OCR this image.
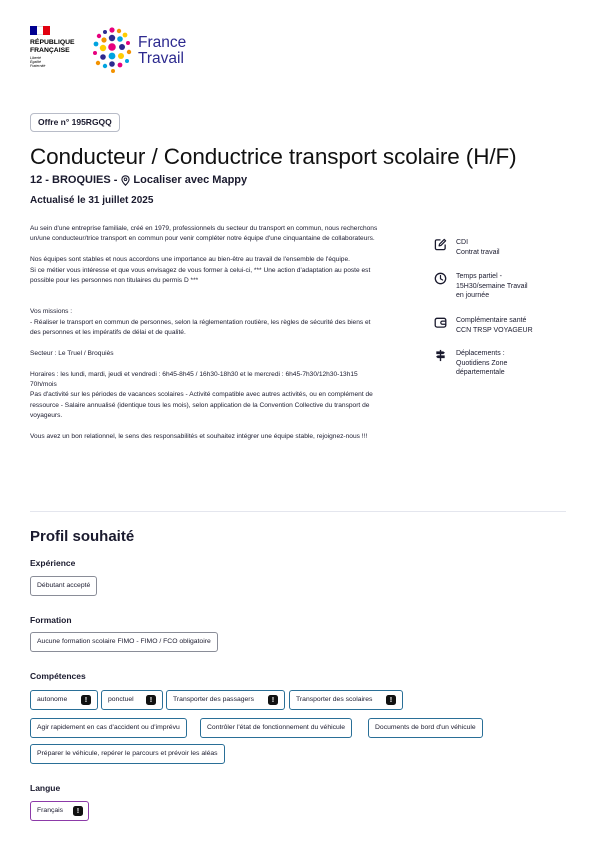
RÉPUBLIQUE
FRANÇAISE
Liberté
Égalité
Fraternité
France
Travail
Offre n° 195RGQQ
Conducteur / Conductrice transport scolaire (H/F)
12 - BROQUIES - Localiser avec Mappy
Actualisé le 31 juillet 2025

Au sein d'une entreprise familiale, créé en 1979, professionnels du secteur du transport en commun, nous recherchons un/une conducteur/trice transport en commun pour venir compléter notre équipe d'une cinquantaine de collaborateurs.

Nos équipes sont stables et nous accordons une importance au bien-être au travail de l'ensemble de l'équipe.

Si ce métier vous intéresse et que vous envisagez de vous former à celui-ci, *** Une action d'adaptation au poste est possible pour les personnes non titulaires du permis D ***

Vos missions :

- Réaliser le transport en commun de personnes, selon la réglementation routière, les règles de sécurité des biens et des personnes et les impératifs de délai et de qualité.

Secteur : Le Truel / Broquiès

Horaires : les lundi, mardi, jeudi et vendredi : 6h45-8h45 / 16h30-18h30 et le mercredi : 6h45-7h30/12h30-13h15

70h/mois

Pas d'activité sur les périodes de vacances scolaires - Activité compatible avec autres activités, ou en complément de ressource - Salaire annualisé (identique tous les mois), selon application de la Convention Collective du transport de voyageurs.

Vous avez un bon relationnel, le sens des responsabilités et souhaitez intégrer une équipe stable, rejoignez-nous !!!

CDI
Contrat travail
Temps partiel -
15H30/semaine Travail
en journée
Complémentaire santé
CCN TRSP VOYAGEUR
Déplacements :
Quotidiens Zone
départementale
Profil souhaité
Expérience
Débutant accepté
Formation
Aucune formation scolaire FIMO - FIMO / FCO obligatoire
Compétences
autonome	!	ponctuel	!	Transporter des passagers	!	Transporter des scolaires	!
Agir rapidement en cas d'accident ou d'imprévu	Contrôler l'état de fonctionnement du véhicule	Documents de bord d'un véhicule
Préparer le véhicule, repérer le parcours et prévoir les aléas
Langue
Français	!
